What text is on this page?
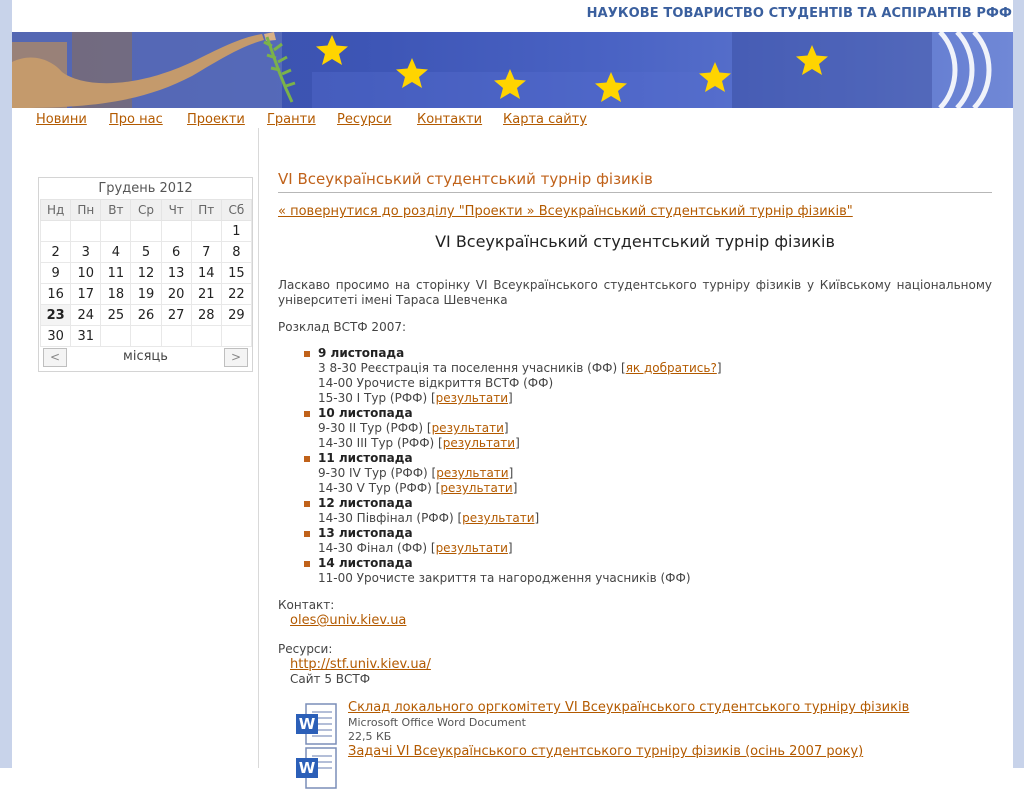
НАУКОВЕ ТОВАРИСТВО СТУДЕНТІВ ТА АСПІРАНТІВ РФФ
Новини Про нас Проекти Гранти Ресурси Контакти Карта сайту
Грудень 2012
Нд	Пн	Вт	Ср	Чт	Пт	Сб
						1
2	3	4	5	6	7	8
9	10	11	12	13	14	15
16	17	18	19	20	21	22
23	24	25	26	27	28	29
30	31					
<	місяць	>
VI Всеукраїнський студентський турнір фізиків
« повернутися до розділу "Проекти » Всеукраїнський студентський турнір фізиків"
VI Всеукраїнський студентський турнір фізиків
Ласкаво просимо на сторінку VI Всеукраїнського студентського турніру фізиків у Київському національному університеті імені Тараса Шевченка
Розклад ВСТФ 2007:
9 листопада
3 8-30 Реєстрація та поселення учасників (ФФ) [як добратись?]
14-00 Урочисте відкриття ВСТФ (ФФ)
15-30 І Тур (РФФ) [результати]
10 листопада
9-30 ІІ Тур (РФФ) [результати]
14-30 ІІІ Тур (РФФ) [результати]
11 листопада
9-30 IV Тур (РФФ) [результати]
14-30 V Тур (РФФ) [результати]
12 листопада
14-30 Півфінал (РФФ) [результати]
13 листопада
14-30 Фінал (ФФ) [результати]
14 листопада
11-00 Урочисте закриття та нагородження учасників (ФФ)
Контакт:
oles@univ.kiev.ua
Ресурси:
http://stf.univ.kiev.ua/
Сайт 5 ВСТФ
W
Склад локального оргкомітету VI Всеукраїнського студентського турніру фізиків
Microsoft Office Word Document
22,5 КБ
W
Задачі VI Всеукраїнського студентського турніру фізиків (осінь 2007 року)
